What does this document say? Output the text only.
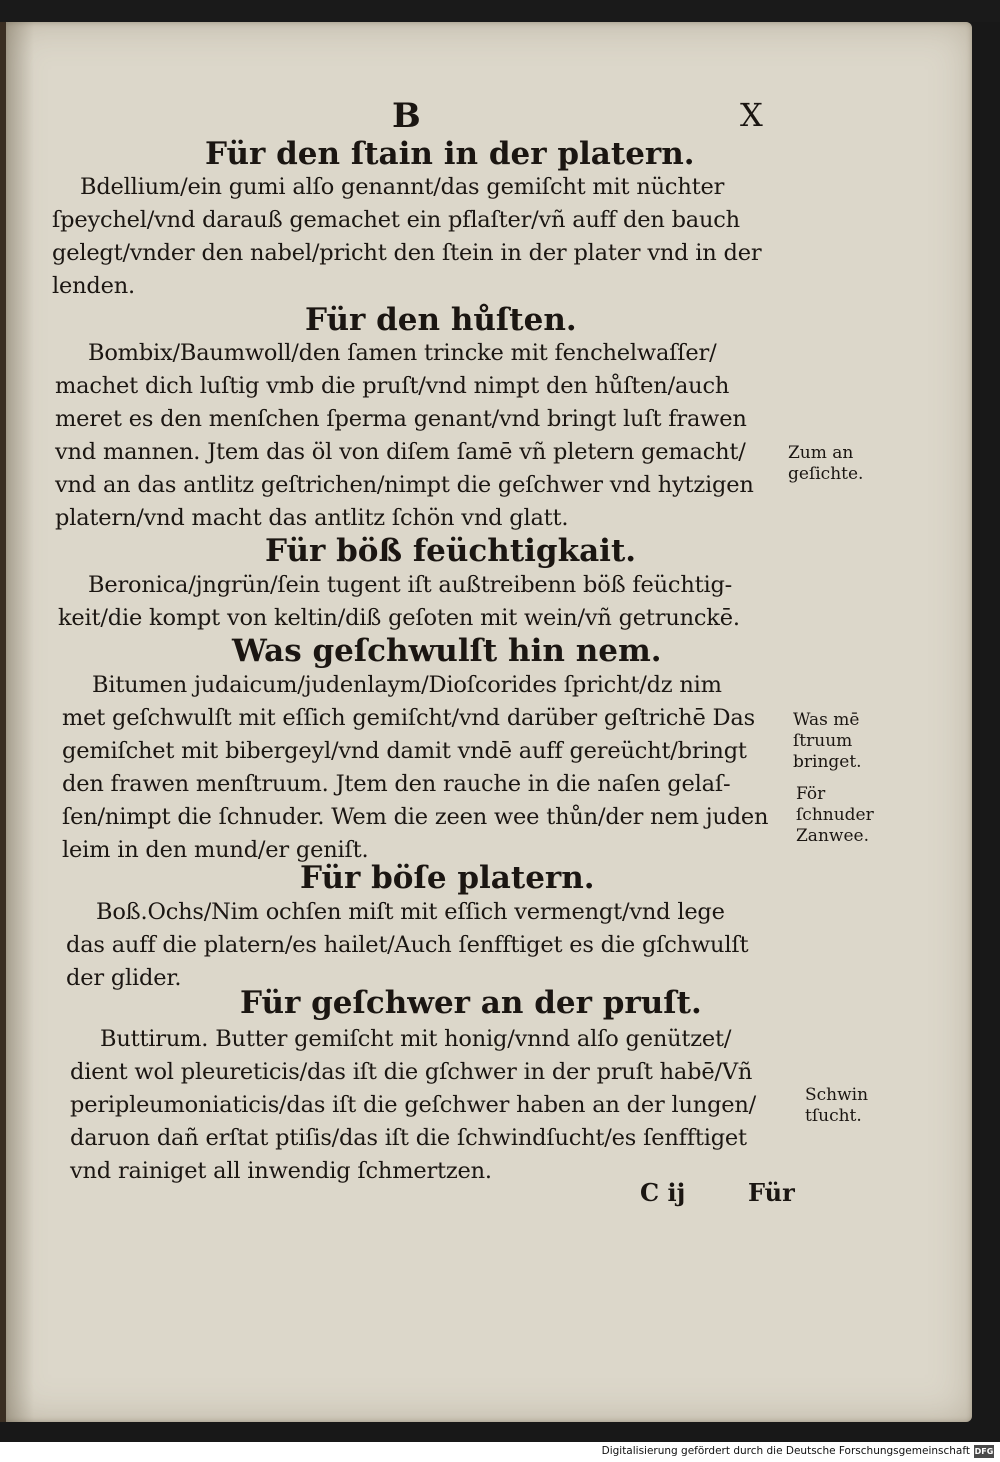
B	X
Für den ſtain in der platern.
Bdellium/ein gumi alſo genannt/das gemiſcht mit nüchter
ſpeychel/vnd darauß gemachet ein pflaſter/vñ auff den bauch
gelegt/vnder den nabel/pricht den ſtein in der plater vnd in der
lenden.
Für den hůſten.
Bombix/Baumwoll/den ſamen trincke mit fenchelwaſſer/
machet dich luſtig vmb die pruſt/vnd nimpt den hůſten/auch
meret es den menſchen ſperma genant/vnd bringt luſt frawen
vnd mannen. Jtem das öl von diſem ſamē vñ pletern gemacht/
vnd an das antlitz geſtrichen/nimpt die geſchwer vnd hytzigen
platern/vnd macht das antlitz ſchön vnd glatt.
Für böß feüchtigkait.
Beronica/jngrün/ſein tugent iſt außtreibenn böß feüchtig-
keit/die kompt von keltin/diß geſoten mit wein/vñ getrunckē.
Was geſchwulſt hin nem.
Bitumen judaicum/judenlaym/Dioſcorides ſpricht/dz nim
met geſchwulſt mit eſſich gemiſcht/vnd darüber geſtrichē Das
gemiſchet mit bibergeyl/vnd damit vndē auff gereücht/bringt
den frawen menſtruum. Jtem den rauche in die naſen gelaſ-
ſen/nimpt die ſchnuder. Wem die zeen wee thůn/der nem juden
leim in den mund/er geniſt.
Für böſe platern.
Boß.Ochs/Nim ochſen miſt mit eſſich vermengt/vnd lege
das auff die platern/es hailet/Auch ſenfftiget es die gſchwulſt
der glider.
Für geſchwer an der pruſt.
Buttirum. Butter gemiſcht mit honig/vnnd alſo genützet/
dient wol pleureticis/das iſt die gſchwer in der pruſt habē/Vñ
peripleumoniaticis/das iſt die geſchwer haben an der lungen/
daruon dañ erſtat ptiſis/das iſt die ſchwindſucht/es ſenfftiget
vnd rainiget all inwendig ſchmertzen.
Zum an geſichte.
Was mē ſtruum bringet.
För ſchnuder Zanwee.
Schwin tſucht.
C ij	Für
Digitalisierung gefördert durch die Deutsche Forschungsgemeinschaft DFG
